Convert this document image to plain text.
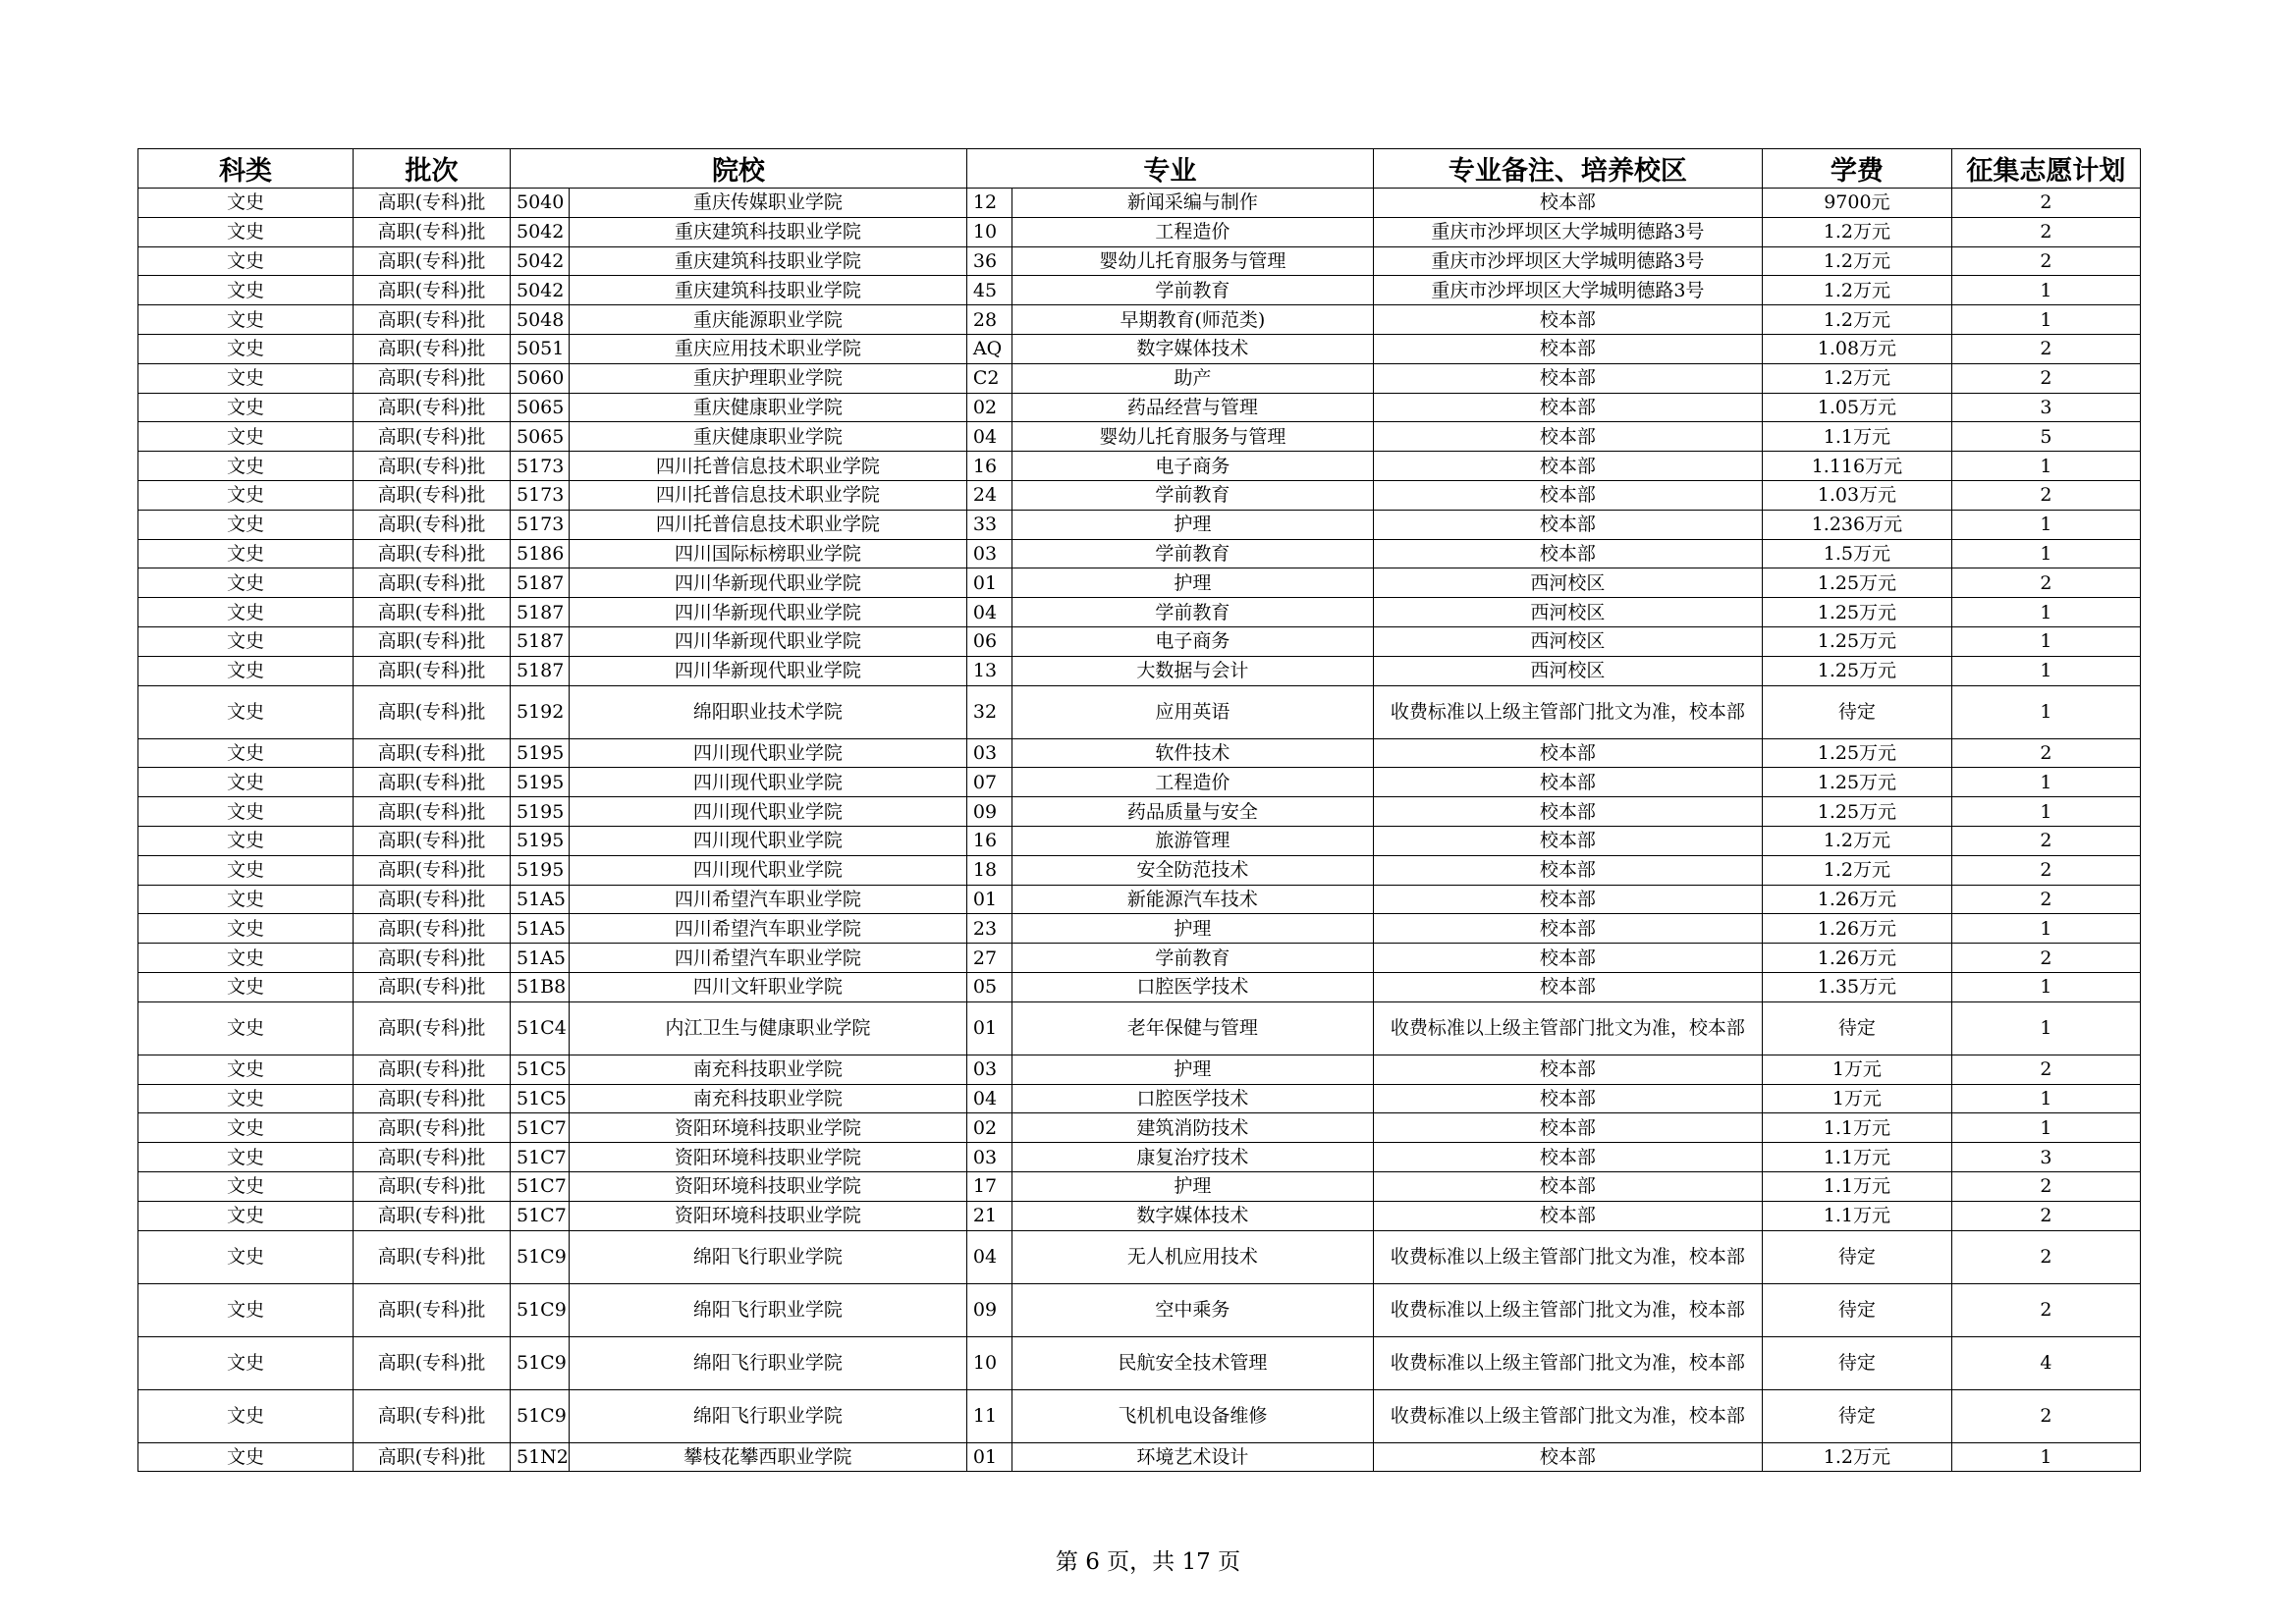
科类	批次	院校		专业		专业备注、培养校区	学费	征集志愿计划
文史	高职(专科)批	5040	重庆传媒职业学院	12	新闻采编与制作	校本部	9700元	2
文史	高职(专科)批	5042	重庆建筑科技职业学院	10	工程造价	重庆市沙坪坝区大学城明德路3号	1.2万元	2
文史	高职(专科)批	5042	重庆建筑科技职业学院	36	婴幼儿托育服务与管理	重庆市沙坪坝区大学城明德路3号	1.2万元	2
文史	高职(专科)批	5042	重庆建筑科技职业学院	45	学前教育	重庆市沙坪坝区大学城明德路3号	1.2万元	1
文史	高职(专科)批	5048	重庆能源职业学院	28	早期教育(师范类)	校本部	1.2万元	1
文史	高职(专科)批	5051	重庆应用技术职业学院	AQ	数字媒体技术	校本部	1.08万元	2
文史	高职(专科)批	5060	重庆护理职业学院	C2	助产	校本部	1.2万元	2
文史	高职(专科)批	5065	重庆健康职业学院	02	药品经营与管理	校本部	1.05万元	3
文史	高职(专科)批	5065	重庆健康职业学院	04	婴幼儿托育服务与管理	校本部	1.1万元	5
文史	高职(专科)批	5173	四川托普信息技术职业学院	16	电子商务	校本部	1.116万元	1
文史	高职(专科)批	5173	四川托普信息技术职业学院	24	学前教育	校本部	1.03万元	2
文史	高职(专科)批	5173	四川托普信息技术职业学院	33	护理	校本部	1.236万元	1
文史	高职(专科)批	5186	四川国际标榜职业学院	03	学前教育	校本部	1.5万元	1
文史	高职(专科)批	5187	四川华新现代职业学院	01	护理	西河校区	1.25万元	2
文史	高职(专科)批	5187	四川华新现代职业学院	04	学前教育	西河校区	1.25万元	1
文史	高职(专科)批	5187	四川华新现代职业学院	06	电子商务	西河校区	1.25万元	1
文史	高职(专科)批	5187	四川华新现代职业学院	13	大数据与会计	西河校区	1.25万元	1
文史	高职(专科)批	5192	绵阳职业技术学院	32	应用英语	收费标准以上级主管部门批文为准，校本部	待定	1
文史	高职(专科)批	5195	四川现代职业学院	03	软件技术	校本部	1.25万元	2
文史	高职(专科)批	5195	四川现代职业学院	07	工程造价	校本部	1.25万元	1
文史	高职(专科)批	5195	四川现代职业学院	09	药品质量与安全	校本部	1.25万元	1
文史	高职(专科)批	5195	四川现代职业学院	16	旅游管理	校本部	1.2万元	2
文史	高职(专科)批	5195	四川现代职业学院	18	安全防范技术	校本部	1.2万元	2
文史	高职(专科)批	51A5	四川希望汽车职业学院	01	新能源汽车技术	校本部	1.26万元	2
文史	高职(专科)批	51A5	四川希望汽车职业学院	23	护理	校本部	1.26万元	1
文史	高职(专科)批	51A5	四川希望汽车职业学院	27	学前教育	校本部	1.26万元	2
文史	高职(专科)批	51B8	四川文轩职业学院	05	口腔医学技术	校本部	1.35万元	1
文史	高职(专科)批	51C4	内江卫生与健康职业学院	01	老年保健与管理	收费标准以上级主管部门批文为准，校本部	待定	1
文史	高职(专科)批	51C5	南充科技职业学院	03	护理	校本部	1万元	2
文史	高职(专科)批	51C5	南充科技职业学院	04	口腔医学技术	校本部	1万元	1
文史	高职(专科)批	51C7	资阳环境科技职业学院	02	建筑消防技术	校本部	1.1万元	1
文史	高职(专科)批	51C7	资阳环境科技职业学院	03	康复治疗技术	校本部	1.1万元	3
文史	高职(专科)批	51C7	资阳环境科技职业学院	17	护理	校本部	1.1万元	2
文史	高职(专科)批	51C7	资阳环境科技职业学院	21	数字媒体技术	校本部	1.1万元	2
文史	高职(专科)批	51C9	绵阳飞行职业学院	04	无人机应用技术	收费标准以上级主管部门批文为准，校本部	待定	2
文史	高职(专科)批	51C9	绵阳飞行职业学院	09	空中乘务	收费标准以上级主管部门批文为准，校本部	待定	2
文史	高职(专科)批	51C9	绵阳飞行职业学院	10	民航安全技术管理	收费标准以上级主管部门批文为准，校本部	待定	4
文史	高职(专科)批	51C9	绵阳飞行职业学院	11	飞机机电设备维修	收费标准以上级主管部门批文为准，校本部	待定	2
文史	高职(专科)批	51N2	攀枝花攀西职业学院	01	环境艺术设计	校本部	1.2万元	1
第 6 页，共 17 页
